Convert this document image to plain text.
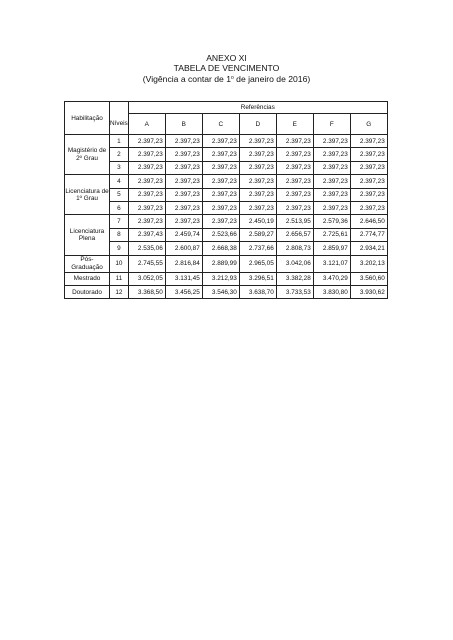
ANEXO XI
TABELA DE VENCIMENTO
(Vigência a contar de 1$^o$ de janeiro de 2016)
Habilitação		Referências						
	Níveis	A	B	C	D	E	F	G
Magistério de 2º Grau	1	2.397,23	2.397,23	2.397,23	2.397,23	2.397,23	2.397,23	2.397,23
	2	2.397,23	2.397,23	2.397,23	2.397,23	2.397,23	2.397,23	2.397,23
	3	2.397,23	2.397,23	2.397,23	2.397,23	2.397,23	2.397,23	2.397,23
Licenciatura de 1º Grau	4	2.397,23	2.397,23	2.397,23	2.397,23	2.397,23	2.397,23	2.397,23
	5	2.397,23	2.397,23	2.397,23	2.397,23	2.397,23	2.397,23	2.397,23
	6	2.397,23	2.397,23	2.397,23	2.397,23	2.397,23	2.397,23	2.397,23
Licenciatura Plena	7	2.397,23	2.397,23	2.397,23	2.450,19	2.513,95	2.579,36	2.646,50
	8	2.397,43	2.459,74	2.523,66	2.589,27	2.656,57	2.725,61	2.774,77
	9	2.535,06	2.600,87	2.668,38	2.737,66	2.808,73	2.859,97	2.934,21
Pós-Graduação	10	2.745,55	2.816,84	2.889,99	2.965,05	3.042,06	3.121,07	3.202,13
Mestrado	11	3.052,05	3.131,45	3.212,93	3.296,51	3.382,28	3.470,29	3.560,60
Doutorado	12	3.368,50	3.456,25	3.546,30	3.638,70	3.733,53	3.830,80	3.930,62
